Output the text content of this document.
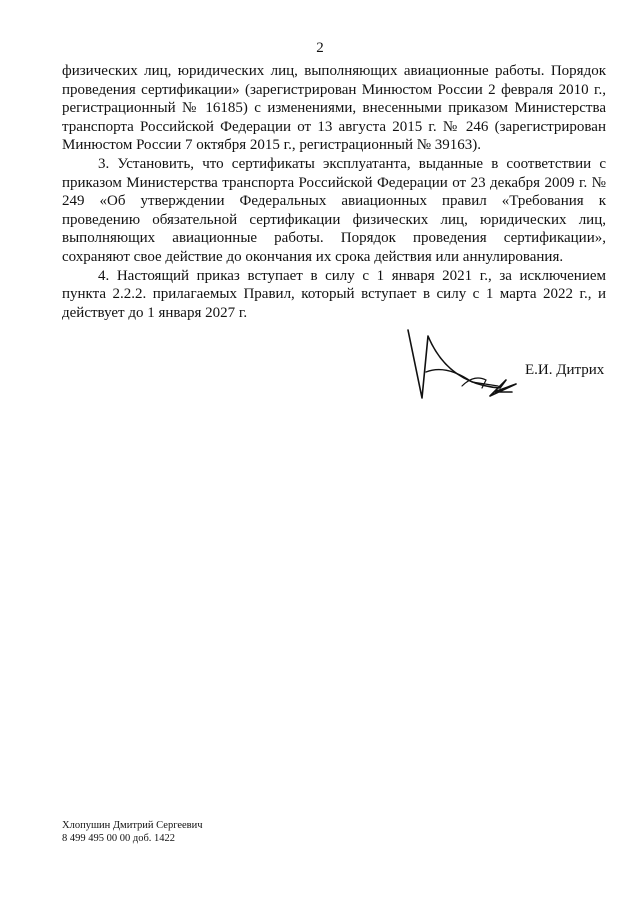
2

физических лиц, юридических лиц, выполняющих авиационные работы. Порядок проведения сертификации» (зарегистрирован Минюстом России 2 февраля 2010 г., регистрационный № 16185) с изменениями, внесенными приказом Министерства транспорта Российской Федерации от 13 августа 2015 г. № 246 (зарегистрирован Минюстом России 7 октября 2015 г., регистрационный № 39163).

3. Установить, что сертификаты эксплуатанта, выданные в соответствии с приказом Министерства транспорта Российской Федерации от 23 декабря 2009 г. № 249 «Об утверждении Федеральных авиационных правил «Требования к проведению обязательной сертификации физических лиц, юридических лиц, выполняющих авиационные работы. Порядок проведения сертификации», сохраняют свое действие до окончания их срока действия или аннулирования.

4. Настоящий приказ вступает в силу с 1 января 2021 г., за исключением пункта 2.2.2. прилагаемых Правил, который вступает в силу с 1 марта 2022 г., и действует до 1 января 2027 г.

Е.И. Дитрих
Хлопушин Дмитрий Сергеевич
8 499 495 00 00 доб. 1422
